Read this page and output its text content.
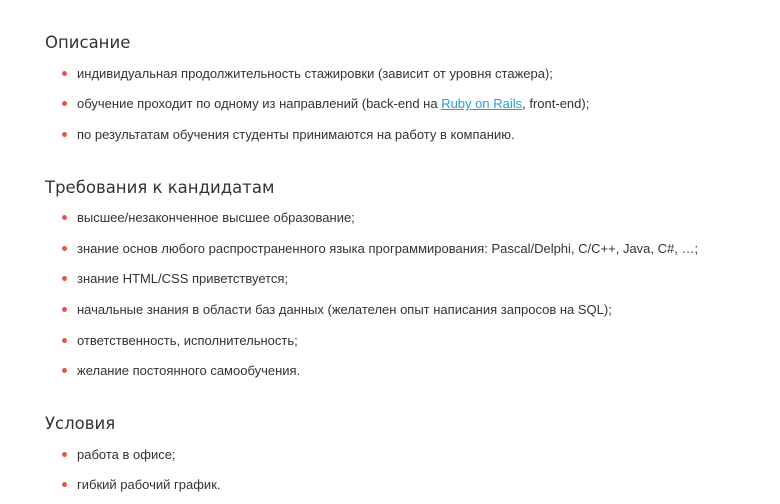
Описание
индивидуальная продолжительность стажировки (зависит от уровня стажера);
обучение проходит по одному из направлений (back-end на Ruby on Rails, front-end);
по результатам обучения студенты принимаются на работу в компанию.
Требования к кандидатам
высшее/незаконченное высшее образование;
знание основ любого распространенного языка программирования: Pascal/Delphi, C/C++, Java, C#, …;
знание HTML/CSS приветствуется;
начальные знания в области баз данных (желателен опыт написания запросов на SQL);
ответственность, исполнительность;
желание постоянного самообучения.
Условия
работа в офисе;
гибкий рабочий график.
